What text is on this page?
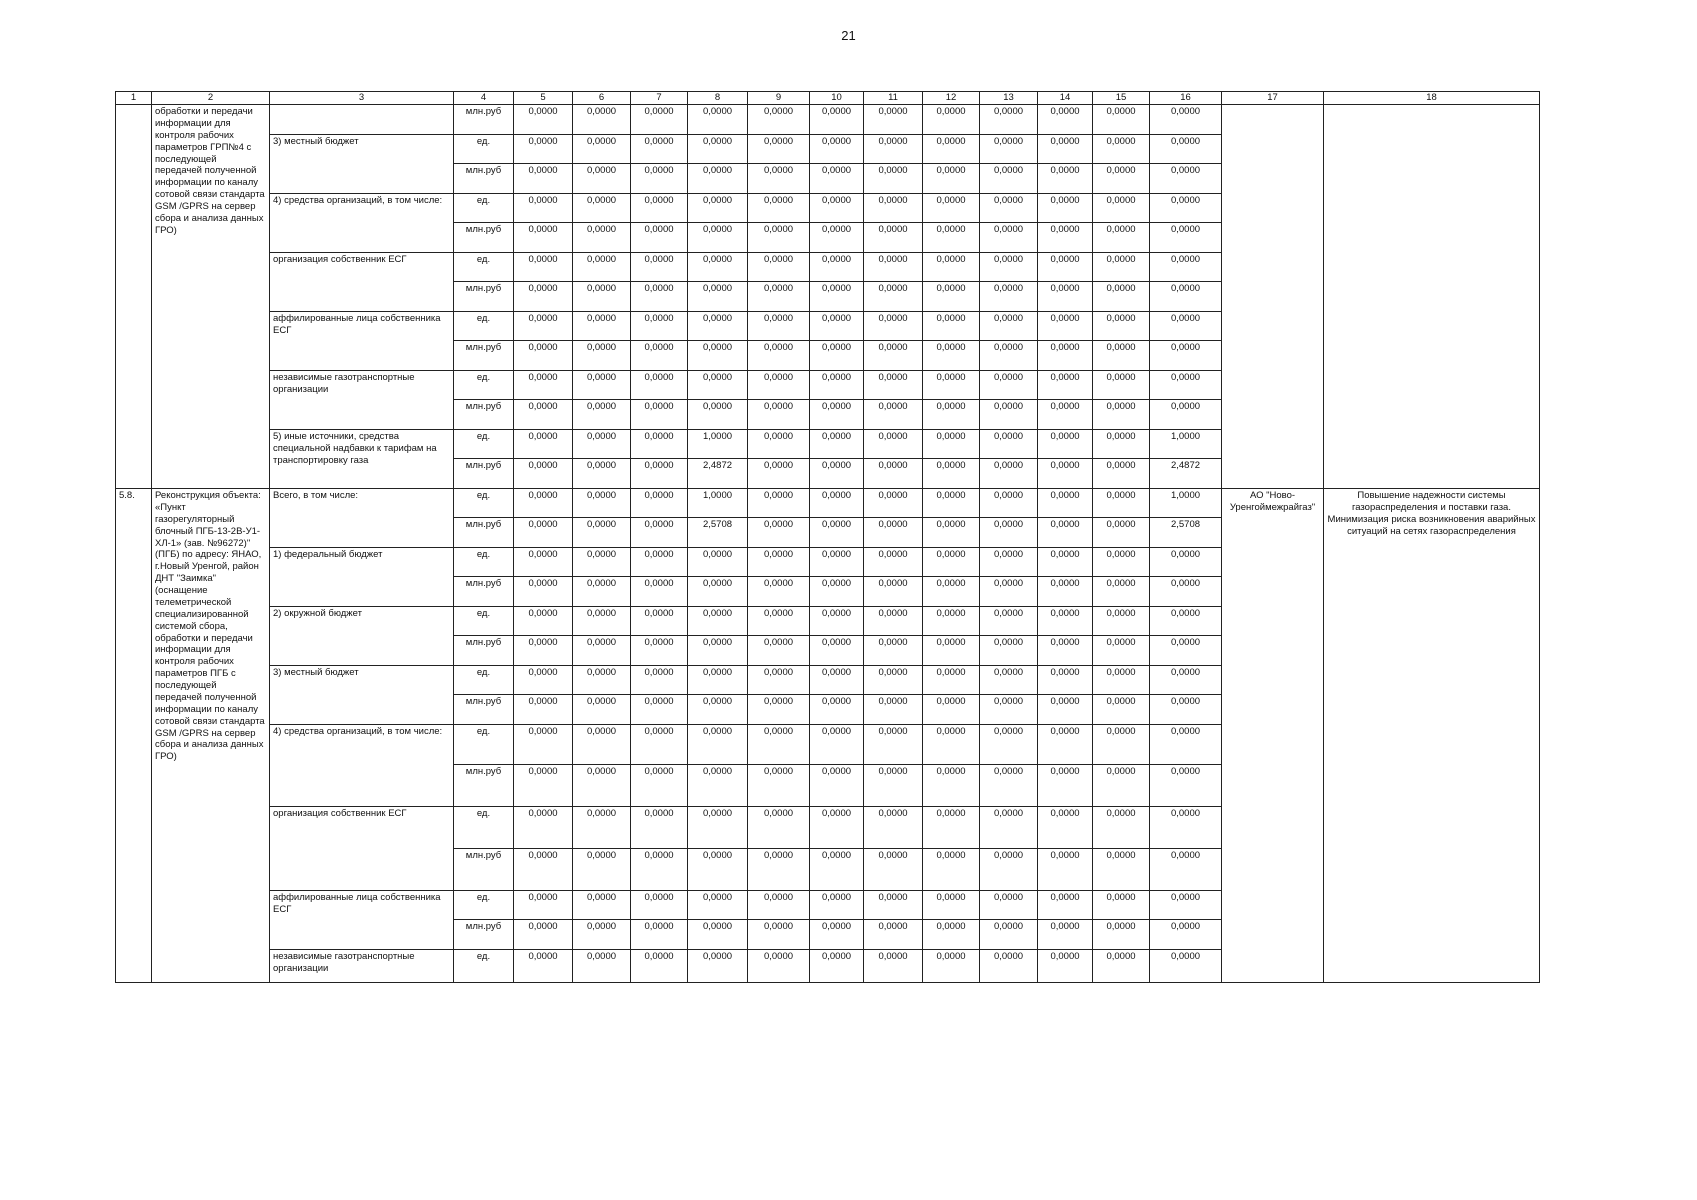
21
1	2	3	4	5	6	7	8	9	10	11	12	13	14	15	16	17	18
	обработки и передачи информации для контроля рабочих параметров ГРП№4 с последующей передачей полученной информации по каналу сотовой связи стандарта GSM /GPRS на сервер сбора и анализа данных ГРО)		млн.руб	0,0000	0,0000	0,0000	0,0000	0,0000	0,0000	0,0000	0,0000	0,0000	0,0000	0,0000	0,0000		
		3) местный бюджет	ед.	0,0000	0,0000	0,0000	0,0000	0,0000	0,0000	0,0000	0,0000	0,0000	0,0000	0,0000	0,0000		
			млн.руб	0,0000	0,0000	0,0000	0,0000	0,0000	0,0000	0,0000	0,0000	0,0000	0,0000	0,0000	0,0000		
		4) средства организаций, в том числе:	ед.	0,0000	0,0000	0,0000	0,0000	0,0000	0,0000	0,0000	0,0000	0,0000	0,0000	0,0000	0,0000		
			млн.руб	0,0000	0,0000	0,0000	0,0000	0,0000	0,0000	0,0000	0,0000	0,0000	0,0000	0,0000	0,0000		
		организация собственник ЕСГ	ед.	0,0000	0,0000	0,0000	0,0000	0,0000	0,0000	0,0000	0,0000	0,0000	0,0000	0,0000	0,0000		
			млн.руб	0,0000	0,0000	0,0000	0,0000	0,0000	0,0000	0,0000	0,0000	0,0000	0,0000	0,0000	0,0000		
		аффилированные лица собственника ЕСГ	ед.	0,0000	0,0000	0,0000	0,0000	0,0000	0,0000	0,0000	0,0000	0,0000	0,0000	0,0000	0,0000		
			млн.руб	0,0000	0,0000	0,0000	0,0000	0,0000	0,0000	0,0000	0,0000	0,0000	0,0000	0,0000	0,0000		
		независимые газотранспортные организации	ед.	0,0000	0,0000	0,0000	0,0000	0,0000	0,0000	0,0000	0,0000	0,0000	0,0000	0,0000	0,0000		
			млн.руб	0,0000	0,0000	0,0000	0,0000	0,0000	0,0000	0,0000	0,0000	0,0000	0,0000	0,0000	0,0000		
		5) иные источники, средства специальной надбавки к тарифам на транспортировку газа	ед.	0,0000	0,0000	0,0000	1,0000	0,0000	0,0000	0,0000	0,0000	0,0000	0,0000	0,0000	1,0000		
			млн.руб	0,0000	0,0000	0,0000	2,4872	0,0000	0,0000	0,0000	0,0000	0,0000	0,0000	0,0000	2,4872		
5.8.	Реконструкция объекта: «Пункт газорегуляторный блочный ПГБ-13-2В-У1-ХЛ-1» (зав. №96272)" (ПГБ) по адресу: ЯНАО, г.Новый Уренгой, район ДНТ "Заимка" (оснащение телеметрической специализированной системой сбора, обработки и передачи информации для контроля рабочих параметров ПГБ с последующей передачей полученной информации по каналу сотовой связи стандарта GSM /GPRS на сервер сбора и анализа данных ГРО)	Всего, в том числе:	ед.	0,0000	0,0000	0,0000	1,0000	0,0000	0,0000	0,0000	0,0000	0,0000	0,0000	0,0000	1,0000	АО "Ново-Уренгоймежрайгаз"	Повышение надежности системы газораспределения и поставки газа. Минимизация риска возникновения аварийных ситуаций на сетях газораспределения
			млн.руб	0,0000	0,0000	0,0000	2,5708	0,0000	0,0000	0,0000	0,0000	0,0000	0,0000	0,0000	2,5708		
		1) федеральный бюджет	ед.	0,0000	0,0000	0,0000	0,0000	0,0000	0,0000	0,0000	0,0000	0,0000	0,0000	0,0000	0,0000		
			млн.руб	0,0000	0,0000	0,0000	0,0000	0,0000	0,0000	0,0000	0,0000	0,0000	0,0000	0,0000	0,0000		
		2) окружной бюджет	ед.	0,0000	0,0000	0,0000	0,0000	0,0000	0,0000	0,0000	0,0000	0,0000	0,0000	0,0000	0,0000		
			млн.руб	0,0000	0,0000	0,0000	0,0000	0,0000	0,0000	0,0000	0,0000	0,0000	0,0000	0,0000	0,0000		
		3) местный бюджет	ед.	0,0000	0,0000	0,0000	0,0000	0,0000	0,0000	0,0000	0,0000	0,0000	0,0000	0,0000	0,0000		
			млн.руб	0,0000	0,0000	0,0000	0,0000	0,0000	0,0000	0,0000	0,0000	0,0000	0,0000	0,0000	0,0000		
		4) средства организаций, в том числе:	ед.	0,0000	0,0000	0,0000	0,0000	0,0000	0,0000	0,0000	0,0000	0,0000	0,0000	0,0000	0,0000		
			млн.руб	0,0000	0,0000	0,0000	0,0000	0,0000	0,0000	0,0000	0,0000	0,0000	0,0000	0,0000	0,0000		
		организация собственник ЕСГ	ед.	0,0000	0,0000	0,0000	0,0000	0,0000	0,0000	0,0000	0,0000	0,0000	0,0000	0,0000	0,0000		
			млн.руб	0,0000	0,0000	0,0000	0,0000	0,0000	0,0000	0,0000	0,0000	0,0000	0,0000	0,0000	0,0000		
		аффилированные лица собственника ЕСГ	ед.	0,0000	0,0000	0,0000	0,0000	0,0000	0,0000	0,0000	0,0000	0,0000	0,0000	0,0000	0,0000		
			млн.руб	0,0000	0,0000	0,0000	0,0000	0,0000	0,0000	0,0000	0,0000	0,0000	0,0000	0,0000	0,0000		
		независимые газотранспортные организации	ед.	0,0000	0,0000	0,0000	0,0000	0,0000	0,0000	0,0000	0,0000	0,0000	0,0000	0,0000	0,0000		
